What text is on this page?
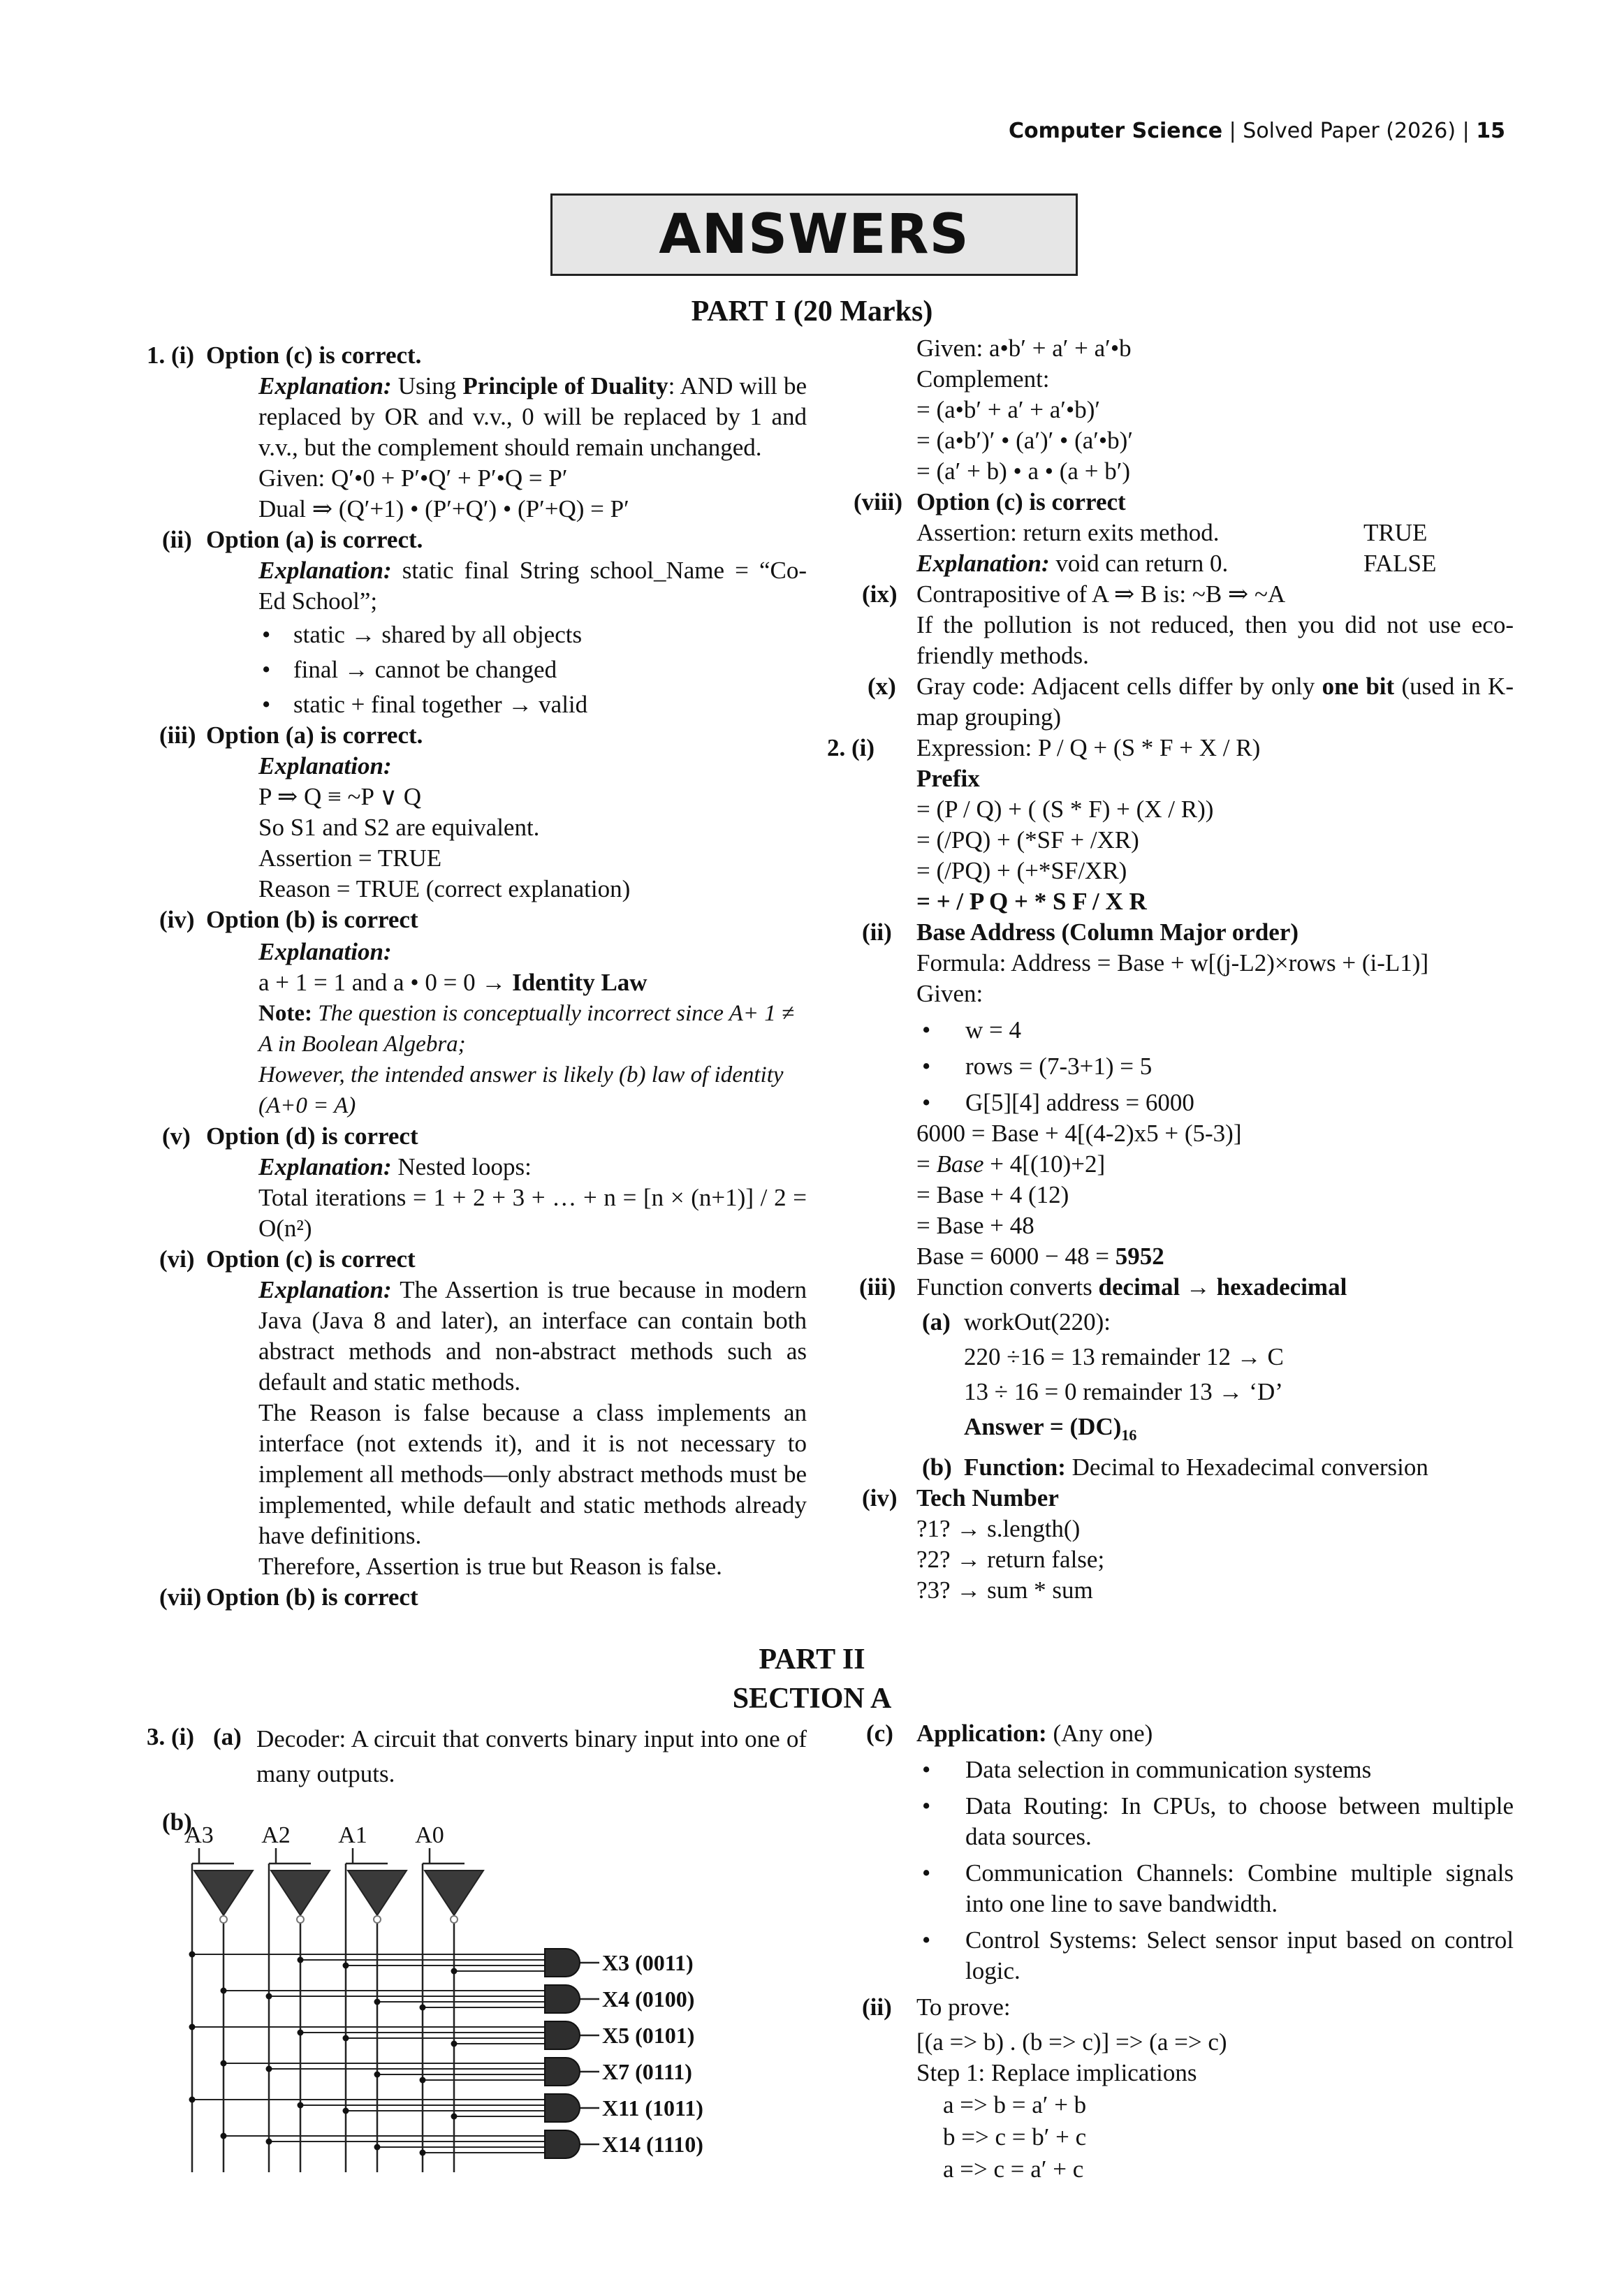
Computer Science | Solved Paper (2026) | 15
ANSWERS
PART I (20 Marks)
1. (i) Option (c) is correct.
Explanation: Using Principle of Duality: AND will be replaced by OR and v.v., 0 will be replaced by 1 and v.v., but the complement should remain unchanged.
Given: Q′•0 + P′•Q′ + P′•Q = P′
Dual ⇒ (Q′+1) • (P′+Q′) • (P′+Q) = P′
(ii) Option (a) is correct.
Explanation: static final String school_Name = “Co-Ed School”;
• static → shared by all objects
• final → cannot be changed
• static + final together → valid
(iii) Option (a) is correct.
Explanation:
P ⇒ Q ≡ ~P ∨ Q
So S1 and S2 are equivalent.
Assertion = TRUE
Reason = TRUE (correct explanation)
(iv) Option (b) is correct
Explanation:
a + 1 = 1 and a • 0 = 0 → Identity Law
Note: The question is conceptually incorrect since A+ 1 ≠ A in Boolean Algebra;
However, the intended answer is likely (b) law of identity (A+0 = A)
(v) Option (d) is correct
Explanation: Nested loops:
Total iterations = 1 + 2 + 3 + … + n = [n × (n+1)] / 2 = O(n²)
(vi) Option (c) is correct
Explanation: The Assertion is true because in modern Java (Java 8 and later), an interface can contain both abstract methods and non-abstract methods such as default and static methods.
The Reason is false because a class implements an interface (not extends it), and it is not necessary to implement all methods—only abstract methods must be implemented, while default and static methods already have definitions.
Therefore, Assertion is true but Reason is false.
(vii) Option (b) is correct
Given: a•b′ + a′ + a′•b
Complement:
= (a•b′ + a′ + a′•b)′
= (a•b′)′ • (a′)′ • (a′•b)′
= (a′ + b) • a • (a + b′)
(viii) Option (c) is correct
Assertion: return exits method.	TRUE
Explanation: void can return 0.	FALSE
(ix) Contrapositive of A ⇒ B is: ~B ⇒ ~A
If the pollution is not reduced, then you did not use eco-friendly methods.
(x) Gray code: Adjacent cells differ by only one bit (used in K-map grouping)
2. (i) Expression: P / Q + (S * F + X / R)
Prefix
= (P / Q) + ( (S * F) + (X / R))
= (/PQ) + (*SF + /XR)
= (/PQ) + (+*SF/XR)
= + / P Q + * S F / X R
(ii) Base Address (Column Major order)
Formula: Address = Base + w[(j-L2)×rows + (i-L1)]
Given:
• w = 4
• rows = (7-3+1) = 5
• G[5][4] address = 6000
6000 = Base + 4[(4-2)x5 + (5-3)]
= Base + 4[(10)+2]
= Base + 4 (12)
= Base + 48
Base = 6000 − 48 = 5952
(iii) Function converts decimal → hexadecimal
(a) workOut(220):
220 ÷16 = 13 remainder 12 → C
13 ÷ 16 = 0 remainder 13 → ‘D’
Answer = $(DC)_{16}$
(b) Function: Decimal to Hexadecimal conversion
(iv) Tech Number
?1? → s.length()
?2? → return false;
?3? → sum * sum
PART II
SECTION A
3. (i) (a) Decoder: A circuit that converts binary input into one of many outputs.
(b)
A3 A2 A1 A0
X3 (0011)
X4 (0100)
X5 (0101)
X7 (0111)
X11 (1011)
X14 (1110)
(c) Application: (Any one)
• Data selection in communication systems
• Data Routing: In CPUs, to choose between multiple data sources.
• Communication Channels: Combine multiple signals into one line to save bandwidth.
• Control Systems: Select sensor input based on control logic.
(ii) To prove:
[(a => b) . (b => c)] => (a => c)
Step 1: Replace implications
a => b = a′ + b
b => c = b′ + c
a => c = a′ + c
